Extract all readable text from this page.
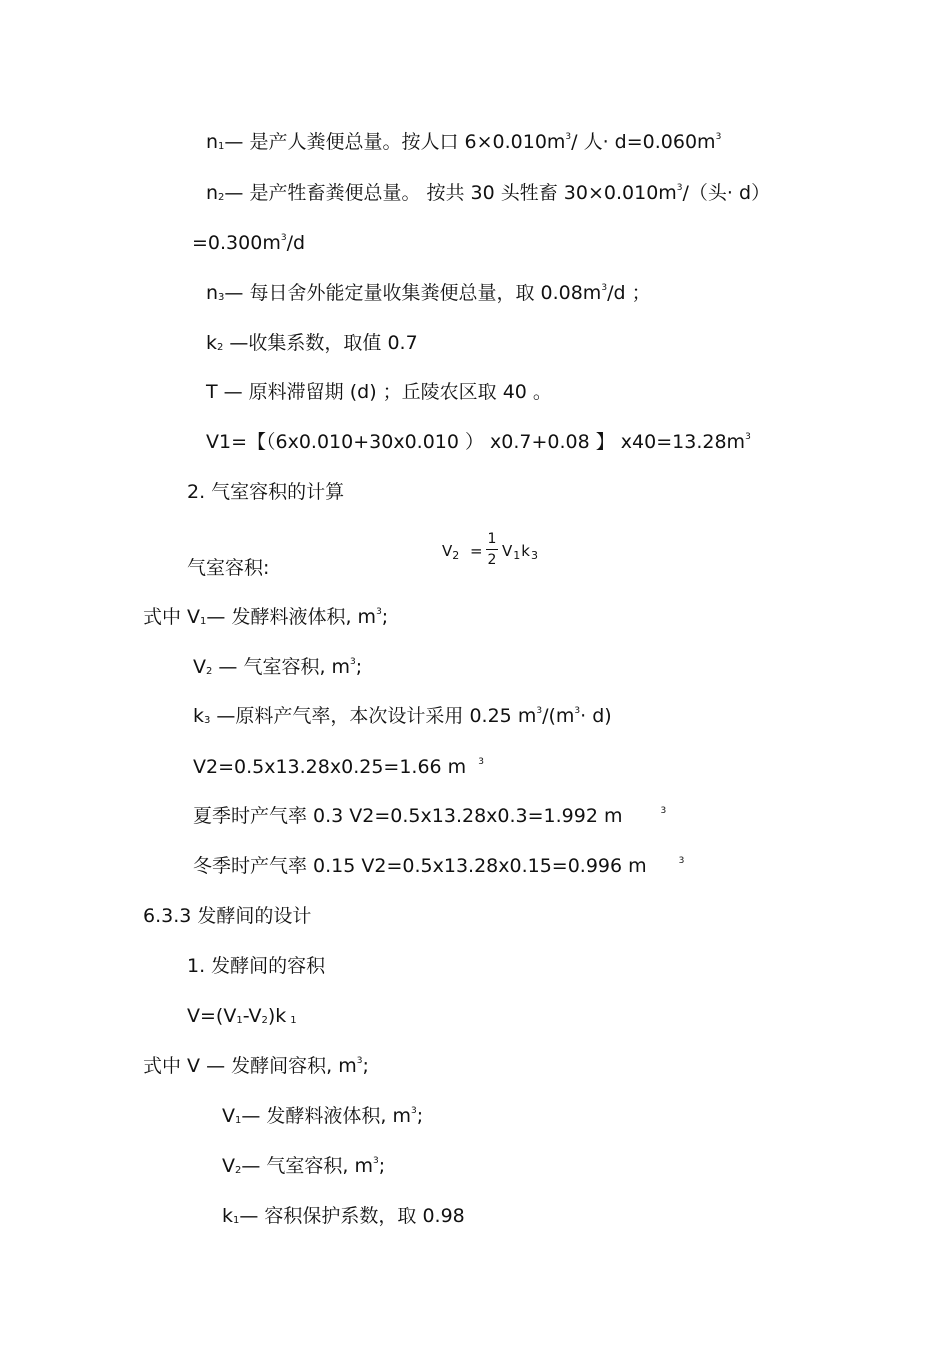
n1— 是产人粪便总量。按人口 $6\times 0.010m^3/$ 人· $d=0.060m^3$
n2— 是产牲畜粪便总量。 按共 30 头牲畜 $30\times 0.010m^3/$（头· d）
$=0.300m^3/d$
n3— 每日舍外能定量收集粪便总量，取 $0.08m^3/d$ ；
k2 —收集系数，取值 0.7
T — 原料滞留期 (d) ；丘陵农区取 40 。
V1=【（6x0.010+30x0.010 ） x0.7+0.08 】 $x40=13.28m^3$
2. 气室容积的计算
气室容积:
$V_2$ =
1
2 $V_1k_3$
式中 V1— 发酵料液体积, $m^3$;
V2 — 气室容积, $m^3$;
k3 —原料产气率，本次设计采用 0.25 $m^3/(m^3\cdot d)$
V2=0.5x13.28x0.25=1.66 m $^3$
夏季时产气率 0.3 V2=0.5x13.28x0.3=1.992 m	$^3$
冬季时产气率 0.15 V2=0.5x13.28x0.15=0.996 m	$^3$
6.3.3 发酵间的设计
1. 发酵间的容积
V=(V1-V2)k 1
式中 V — 发酵间容积, $m^3$;
V1— 发酵料液体积, $m^3$;
V2— 气室容积, $m^3$;
k1— 容积保护系数，取 0.98
